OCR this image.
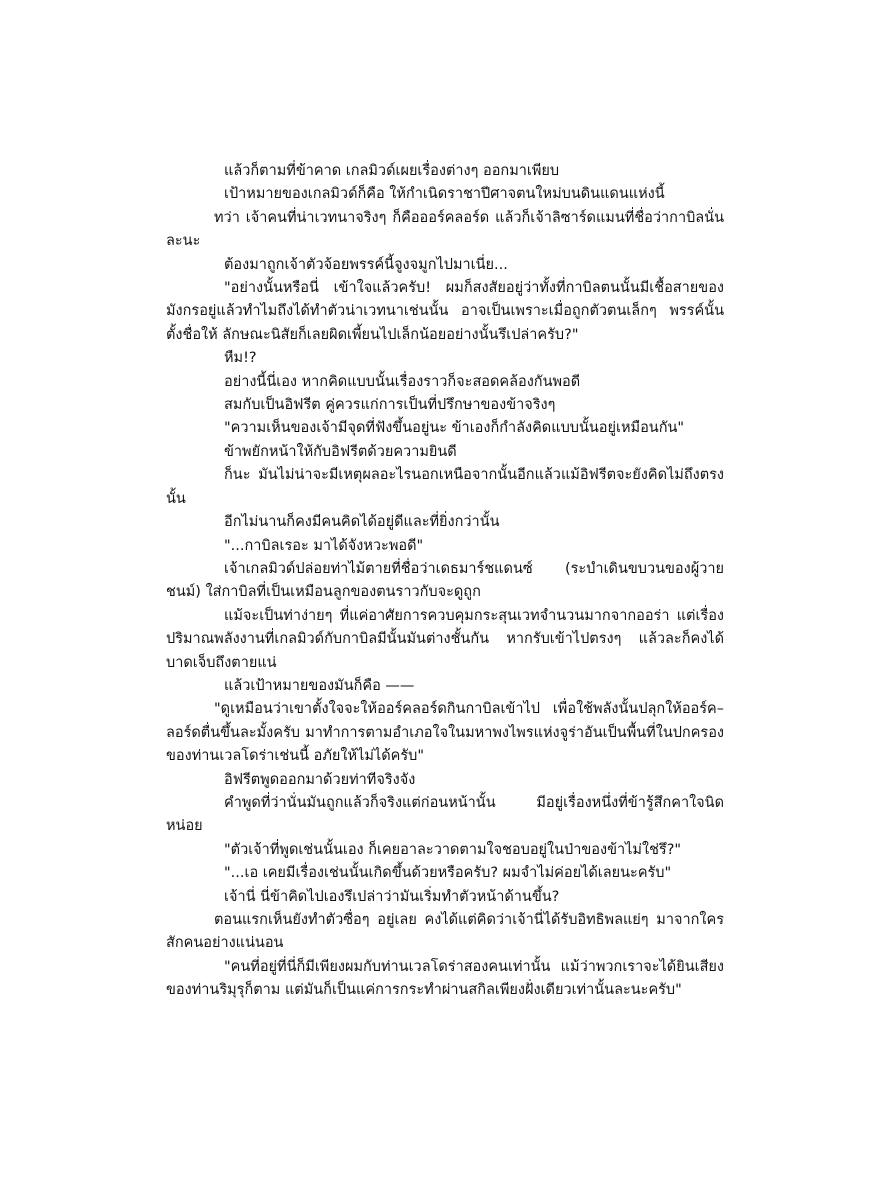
แล้วก็ตามที่ข้าคาด เกลมิวด์เผยเรื่องต่างๆ ออกมาเพียบ

เป้าหมายของเกลมิวด์ก็คือ ให้กำเนิดราชาปีศาจตนใหม่บนดินแดนแห่งนี้

ทว่า เจ้าคนที่น่าเวทนาจริงๆ ก็คือออร์คลอร์ด แล้วก็เจ้าลิซาร์ดแมนที่ชื่อว่ากาบิลนั่นละนะ

ต้องมาถูกเจ้าตัวจ้อยพรรค์นี้จูงจมูกไปมาเนี่ย...

"อย่างนั้นหรือนี่ เข้าใจแล้วครับ! ผมก็สงสัยอยู่ว่าทั้งที่กาบิลตนนั้นมีเชื้อสายของมังกรอยู่แล้วทำไมถึงได้ทำตัวน่าเวทนาเช่นนั้น อาจเป็นเพราะเมื่อถูกตัวตนเล็กๆ พรรค์นั้นตั้งชื่อให้ ลักษณะนิสัยก็เลยผิดเพี้ยนไปเล็กน้อยอย่างนั้นรึเปล่าครับ?"

หืม!?

อย่างนี้นี่เอง หากคิดแบบนั้นเรื่องราวก็จะสอดคล้องกันพอดี

สมกับเป็นอิฟรีต คู่ควรแก่การเป็นที่ปรึกษาของข้าจริงๆ

"ความเห็นของเจ้ามีจุดที่ฟังขึ้นอยู่นะ ข้าเองก็กำลังคิดแบบนั้นอยู่เหมือนกัน"

ข้าพยักหน้าให้กับอิฟรีตด้วยความยินดี

ก็นะ มันไม่น่าจะมีเหตุผลอะไรนอกเหนือจากนั้นอีกแล้วแม้อิฟรีตจะยังคิดไม่ถึงตรงนั้น

อีกไม่นานก็คงมีคนคิดได้อยู่ดีและที่ยิ่งกว่านั้น

"...กาบิลเรอะ มาได้จังหวะพอดี"

เจ้าเกลมิวด์ปล่อยท่าไม้ตายที่ชื่อว่าเดธมาร์ชแดนซ์ (ระบำเดินขบวนของผู้วายชนม์) ใส่กาบิลที่เป็นเหมือนลูกของตนราวกับจะดูถูก

แม้จะเป็นท่าง่ายๆ ที่แค่อาศัยการควบคุมกระสุนเวทจำนวนมากจากออร่า แต่เรื่องปริมาณพลังงานที่เกลมิวด์กับกาบิลมีนั้นมันต่างชั้นกัน หากรับเข้าไปตรงๆ แล้วละก็คงได้บาดเจ็บถึงตายแน่

แล้วเป้าหมายของมันก็คือ ——

"ดูเหมือนว่าเขาตั้งใจจะให้ออร์คลอร์ดกินกาบิลเข้าไป เพื่อใช้พลังนั้นปลุกให้ออร์ค–ลอร์ดตื่นขึ้นละมั้งครับ มาทำการตามอำเภอใจในมหาพงไพรแห่งจูร่าอันเป็นพื้นที่ในปกครองของท่านเวลโดร่าเช่นนี้ อภัยให้ไม่ได้ครับ"

อิฟรีตพูดออกมาด้วยท่าทีจริงจัง

คำพูดที่ว่านั่นมันถูกแล้วก็จริงแต่ก่อนหน้านั้น มีอยู่เรื่องหนึ่งที่ข้ารู้สึกคาใจนิดหน่อย

"ตัวเจ้าที่พูดเช่นนั้นเอง ก็เคยอาละวาดตามใจชอบอยู่ในป่าของข้าไม่ใช่รึ?"

"...เอ เคยมีเรื่องเช่นนั้นเกิดขึ้นด้วยหรือครับ? ผมจำไม่ค่อยได้เลยนะครับ"

เจ้านี่ นี่ข้าคิดไปเองรึเปล่าว่ามันเริ่มทำตัวหน้าด้านขึ้น?

ตอนแรกเห็นยังทำตัวซื่อๆ อยู่เลย คงได้แต่คิดว่าเจ้านี่ได้รับอิทธิพลแย่ๆ มาจากใครสักคนอย่างแน่นอน

"คนที่อยู่ที่นี่ก็มีเพียงผมกับท่านเวลโดร่าสองคนเท่านั้น แม้ว่าพวกเราจะได้ยินเสียงของท่านริมุรุก็ตาม แต่มันก็เป็นแค่การกระทำผ่านสกิลเพียงฝั่งเดียวเท่านั้นละนะครับ"
